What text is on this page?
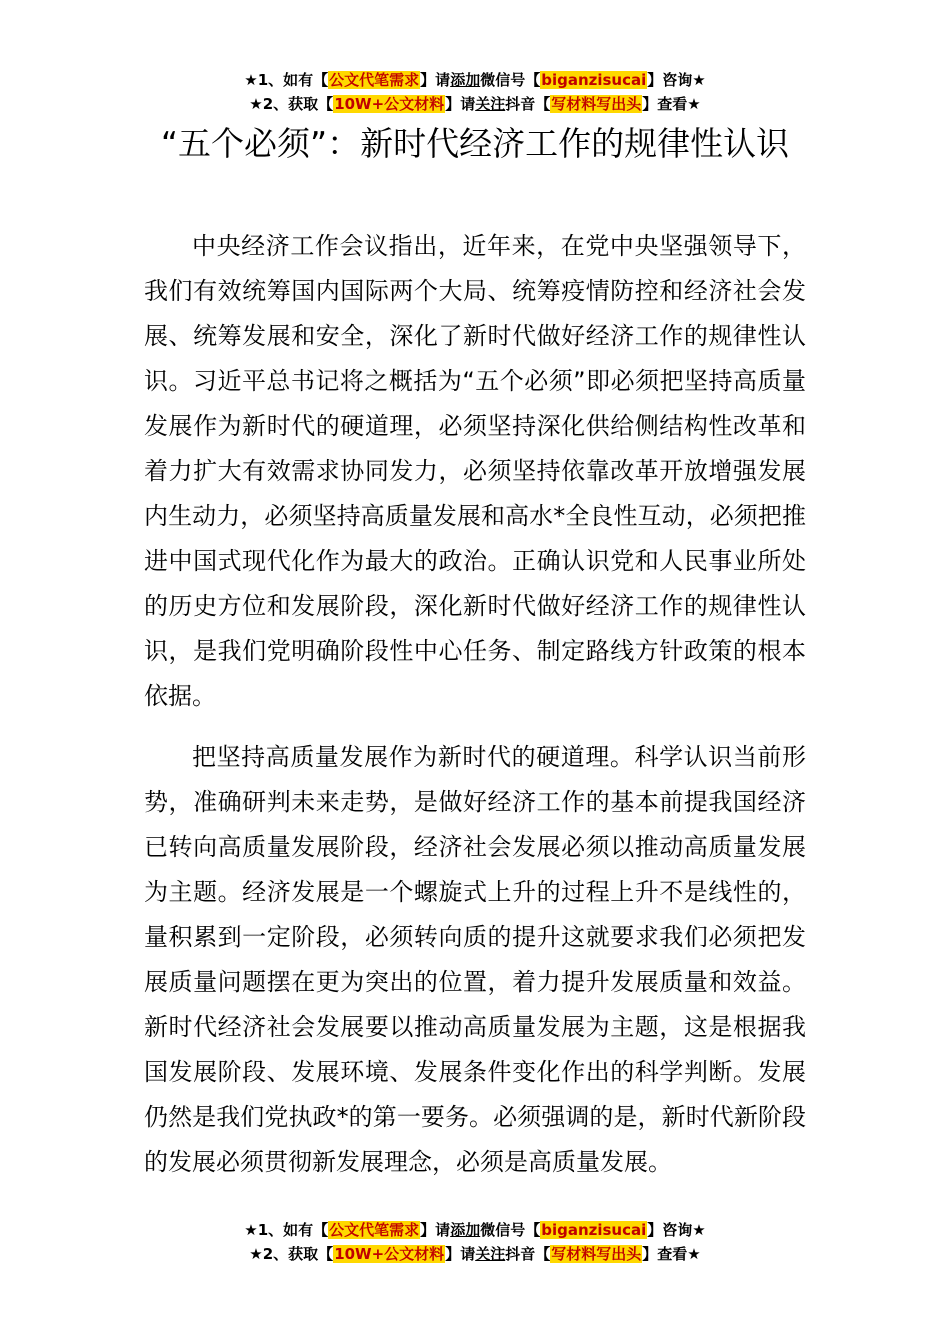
★1、如有【公文代笔需求】请添加微信号【biganzisucai】咨询★
★2、获取【10W+公文材料】请关注抖音【写材料写出头】查看★
“五个必须”：新时代经济工作的规律性认识

中央经济工作会议指出，近年来，在党中央坚强领导下，我们有效统筹国内国际两个大局、统筹疫情防控和经济社会发展、统筹发展和安全，深化了新时代做好经济工作的规律性认识。习近平总书记将之概括为“五个必须”即必须把坚持高质量发展作为新时代的硬道理，必须坚持深化供给侧结构性改革和着力扩大有效需求协同发力，必须坚持依靠改革开放增强发展内生动力，必须坚持高质量发展和高水*全良性互动，必须把推进中国式现代化作为最大的政治。正确认识党和人民事业所处的历史方位和发展阶段，深化新时代做好经济工作的规律性认识，是我们党明确阶段性中心任务、制定路线方针政策的根本依据。

把坚持高质量发展作为新时代的硬道理。科学认识当前形势，准确研判未来走势，是做好经济工作的基本前提我国经济已转向高质量发展阶段，经济社会发展必须以推动高质量发展为主题。经济发展是一个螺旋式上升的过程上升不是线性的，量积累到一定阶段，必须转向质的提升这就要求我们必须把发展质量问题摆在更为突出的位置，着力提升发展质量和效益。新时代经济社会发展要以推动高质量发展为主题，这是根据我国发展阶段、发展环境、发展条件变化作出的科学判断。发展仍然是我们党执政*的第一要务。必须强调的是，新时代新阶段的发展必须贯彻新发展理念，必须是高质量发展。

★1、如有【公文代笔需求】请添加微信号【biganzisucai】咨询★
★2、获取【10W+公文材料】请关注抖音【写材料写出头】查看★
